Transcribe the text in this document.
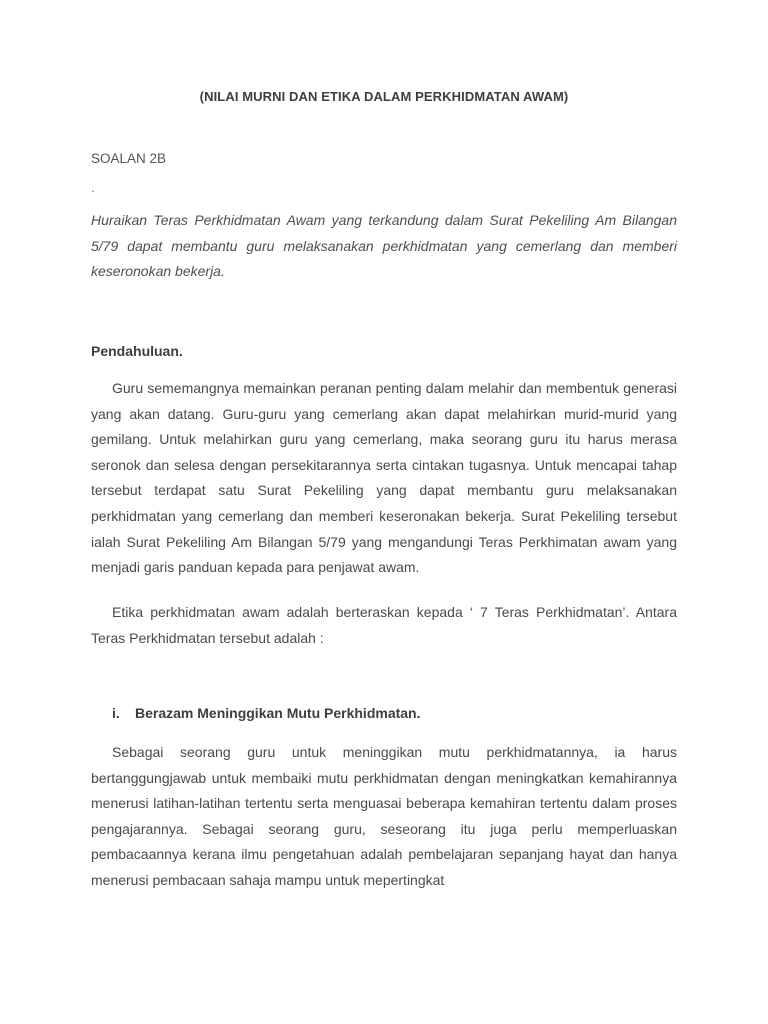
(NILAI MURNI DAN ETIKA DALAM PERKHIDMATAN AWAM)
SOALAN 2B
.
Huraikan Teras Perkhidmatan Awam yang terkandung dalam Surat Pekeliling Am Bilangan 5/79 dapat membantu guru melaksanakan perkhidmatan yang cemerlang dan memberi keseronokan bekerja.
Pendahuluan.
Guru sememangnya memainkan peranan penting dalam melahir dan membentuk generasi yang akan datang. Guru-guru yang cemerlang akan dapat melahirkan murid-murid yang gemilang. Untuk melahirkan guru yang cemerlang, maka seorang guru itu harus merasa seronok dan selesa dengan persekitarannya serta cintakan tugasnya. Untuk mencapai tahap tersebut terdapat satu Surat Pekeliling yang dapat membantu guru melaksanakan perkhidmatan yang cemerlang dan memberi keseronakan bekerja. Surat Pekeliling tersebut ialah Surat Pekeliling Am Bilangan 5/79 yang mengandungi Teras Perkhimatan awam yang menjadi garis panduan kepada para penjawat awam.
Etika perkhidmatan awam adalah berteraskan kepada ‘ 7 Teras Perkhidmatan’. Antara Teras Perkhidmatan tersebut adalah :
i. Berazam Meninggikan Mutu Perkhidmatan.
Sebagai seorang guru untuk meninggikan mutu perkhidmatannya, ia harus bertanggungjawab untuk membaiki mutu perkhidmatan dengan meningkatkan kemahirannya menerusi latihan-latihan tertentu serta menguasai beberapa kemahiran tertentu dalam proses pengajarannya. Sebagai seorang guru, seseorang itu juga perlu memperluaskan pembacaannya kerana ilmu pengetahuan adalah pembelajaran sepanjang hayat dan hanya menerusi pembacaan sahaja mampu untuk mepertingkat
